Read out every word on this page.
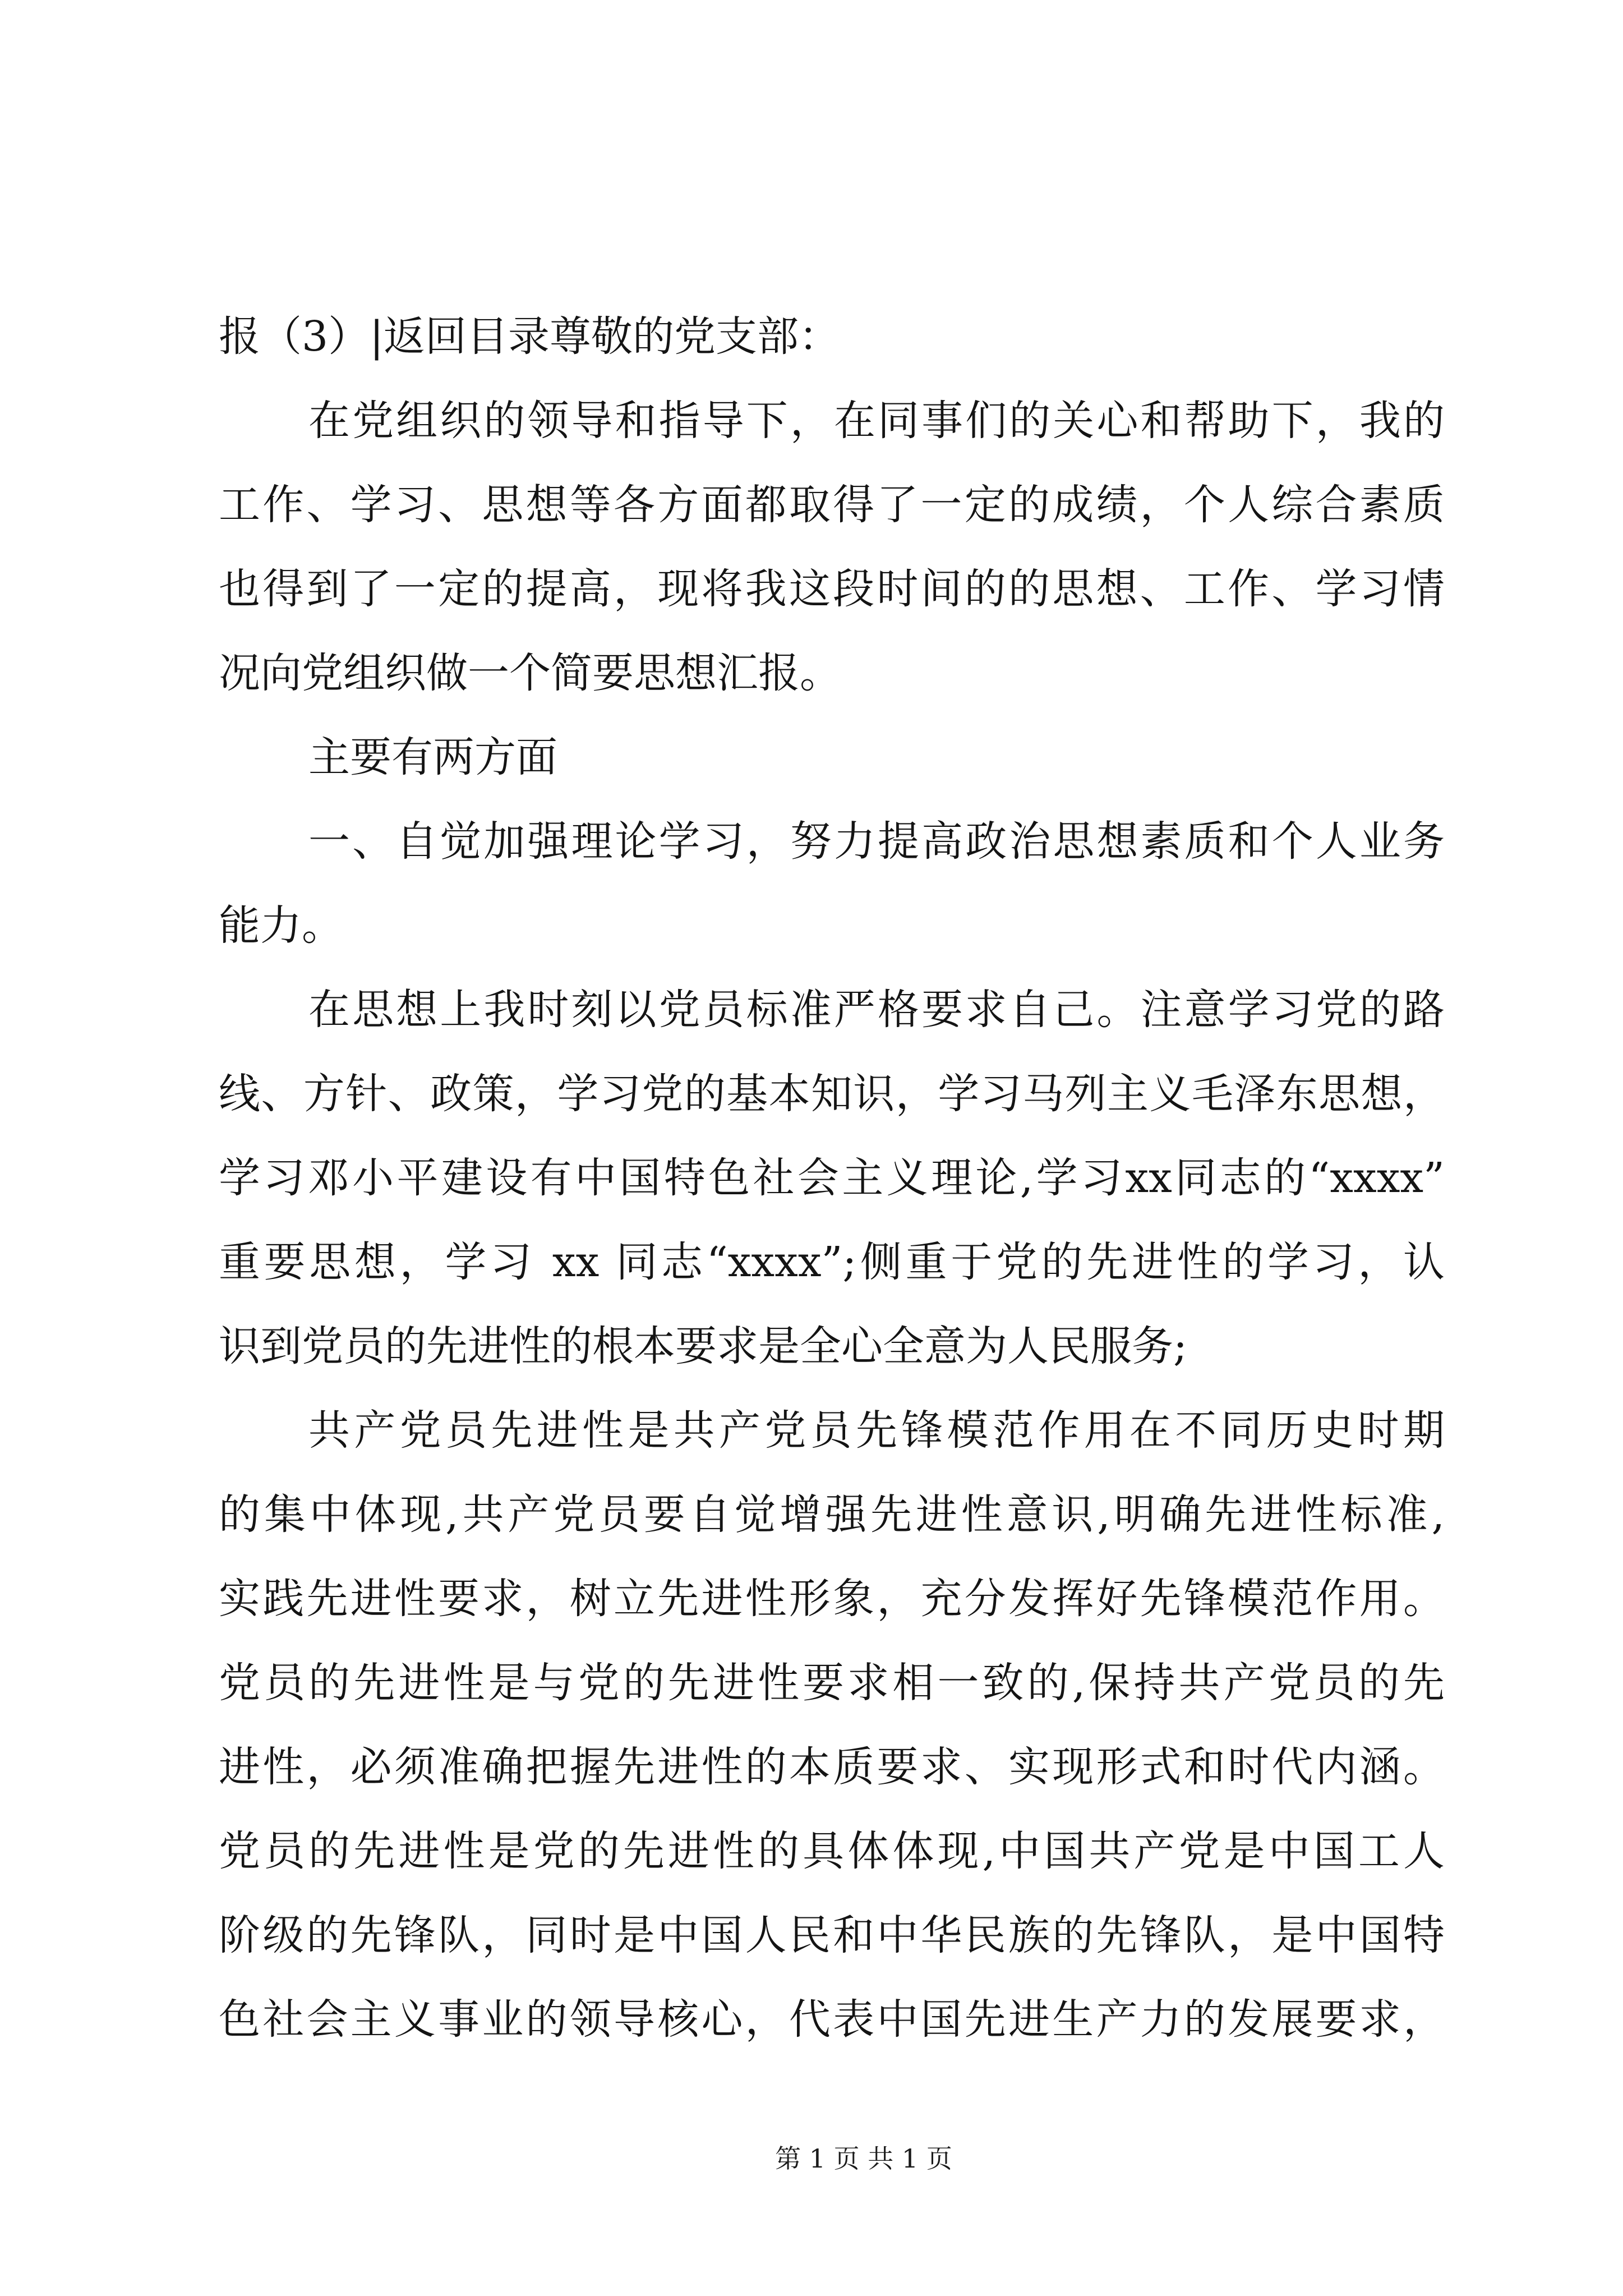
报（3）|返回目录尊敬的党支部：
在党组织的领导和指导下，在同事们的关心和帮助下，我的
工作、学习、思想等各方面都取得了一定的成绩，个人综合素质
也得到了一定的提高，现将我这段时间的的思想、工作、学习情
况向党组织做一个简要思想汇报。
主要有两方面
一、自觉加强理论学习，努力提高政治思想素质和个人业务
能力。
在思想上我时刻以党员标准严格要求自己。注意学习党的路
线、方针、政策，学习党的基本知识，学习马列主义毛泽东思想，
学习邓小平建设有中国特色社会主义理论,学习xx同志的“xxxx”
重要思想，学习 xx 同志“xxxx”;侧重于党的先进性的学习，认
识到党员的先进性的根本要求是全心全意为人民服务;
共产党员先进性是共产党员先锋模范作用在不同历史时期
的集中体现,共产党员要自觉增强先进性意识,明确先进性标准,
实践先进性要求，树立先进性形象，充分发挥好先锋模范作用。
党员的先进性是与党的先进性要求相一致的,保持共产党员的先
进性，必须准确把握先进性的本质要求、实现形式和时代内涵。
党员的先进性是党的先进性的具体体现,中国共产党是中国工人
阶级的先锋队，同时是中国人民和中华民族的先锋队，是中国特
色社会主义事业的领导核心，代表中国先进生产力的发展要求，
第 1 页 共 1 页
